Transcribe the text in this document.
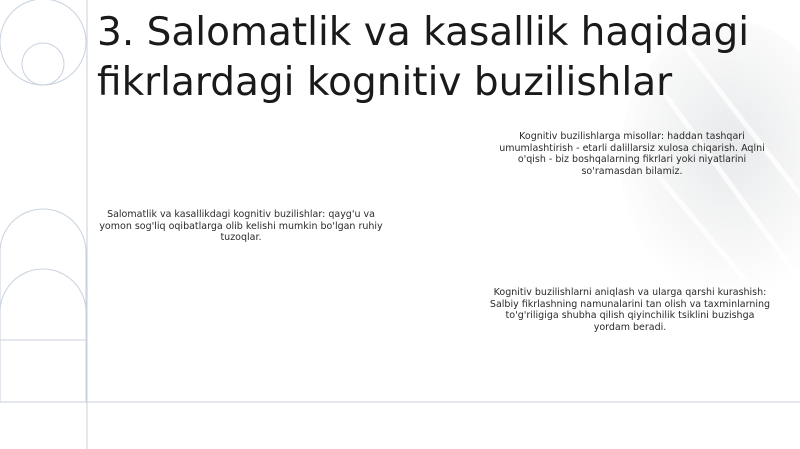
3. Salomatlik va kasallik haqidagi fikrlardagi kognitiv buzilishlar

Kognitiv buzilishlarga misollar: haddan tashqari umumlashtirish - etarli dalillarsiz xulosa chiqarish. Aqlni o'qish - biz boshqalarning fikrlari yoki niyatlarini so'ramasdan bilamiz.

Salomatlik va kasallikdagi kognitiv buzilishlar: qayg'u va yomon sog'liq oqibatlarga olib kelishi mumkin bo'lgan ruhiy tuzoqlar.

Kognitiv buzilishlarni aniqlash va ularga qarshi kurashish: Salbiy fikrlashning namunalarini tan olish va taxminlarning to'g'riligiga shubha qilish qiyinchilik tsiklini buzishga yordam beradi.
